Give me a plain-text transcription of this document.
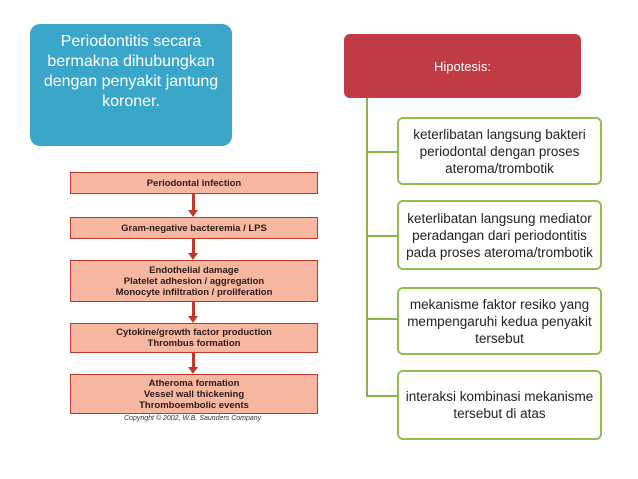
Periodontitis secara bermakna dihubungkan dengan penyakit jantung koroner.
Periodontal infection
Gram-negative bacteremia / LPS
Endothelial damage
Platelet adhesion / aggregation
Monocyte infiltration / proliferation
Cytokine/growth factor production
Thrombus formation
Atheroma formation
Vessel wall thickening
Thromboembolic events
Copyright © 2002, W.B. Saunders Company
Hipotesis:
keterlibatan langsung bakteri periodontal dengan proses ateroma/trombotik
keterlibatan langsung mediator peradangan dari periodontitis pada proses ateroma/trombotik
mekanisme faktor resiko yang mempengaruhi kedua penyakit tersebut
interaksi kombinasi mekanisme tersebut di atas
